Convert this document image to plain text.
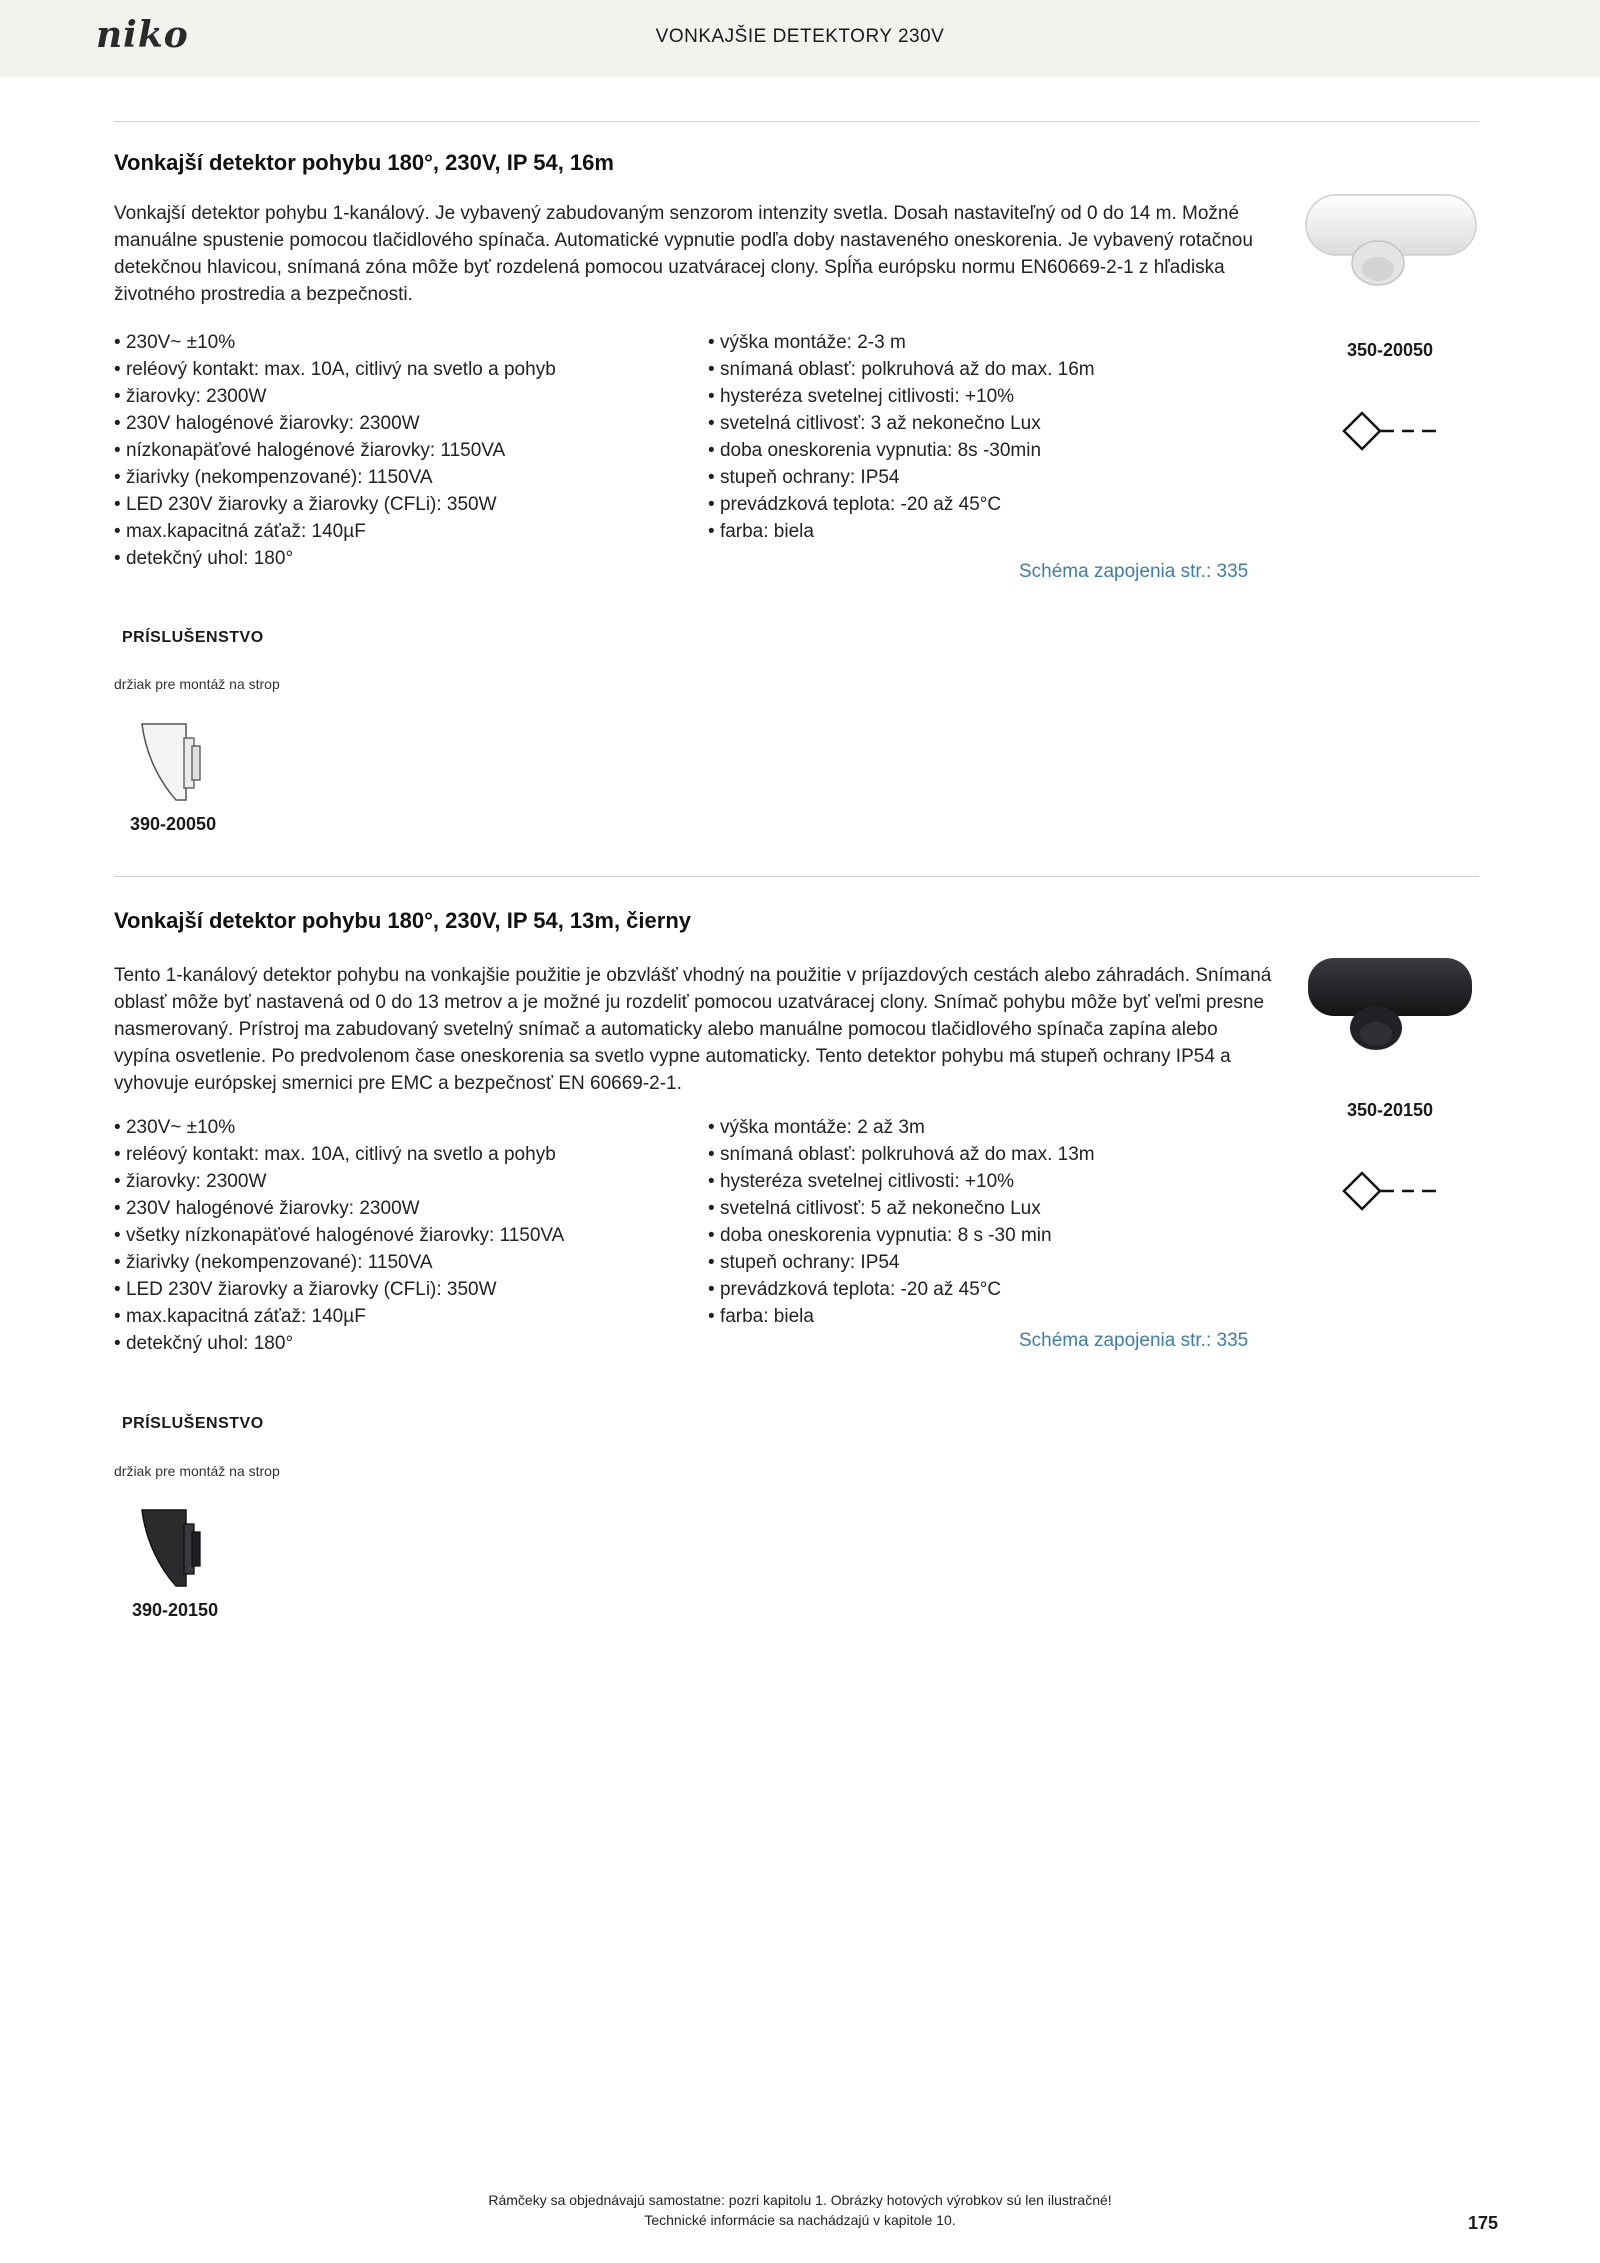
niko	VONKAJŠIE DETEKTORY 230V
Vonkajší detektor pohybu 180°, 230V, IP 54, 16m

Vonkajší detektor pohybu 1-kanálový. Je vybavený zabudovaným senzorom intenzity svetla. Dosah nastaviteľný od 0 do 14 m. Možné manuálne spustenie pomocou tlačidlového spínača. Automatické vypnutie podľa doby nastaveného oneskorenia. Je vybavený rotačnou detekčnou hlavicou, snímaná zóna môže byť rozdelená pomocou uzatváracej clony. Spĺňa európsku normu EN60669-2-1 z hľadiska životného prostredia a bezpečnosti.

• 230V~ ±10%
• reléový kontakt: max. 10A, citlivý na svetlo a pohyb
• žiarovky: 2300W
• 230V halogénové žiarovky: 2300W
• nízkonapäťové halogénové žiarovky: 1150VA
• žiarivky (nekompenzované): 1150VA
• LED 230V žiarovky a žiarovky (CFLi): 350W
• max.kapacitná záťaž: 140µF
• detekčný uhol: 180°
• výška montáže: 2-3 m
• snímaná oblasť: polkruhová až do max. 16m
• hysteréza svetelnej citlivosti: +10%
• svetelná citlivosť: 3 až nekonečno Lux
• doba oneskorenia vypnutia: 8s -30min
• stupeň ochrany: IP54
• prevádzková teplota: -20 až 45°C
• farba: biela
Schéma zapojenia str.: 335
350-20050
PRÍSLUŠENSTVO
držiak pre montáž na strop
390-20050
Vonkajší detektor pohybu 180°, 230V, IP 54, 13m, čierny

Tento 1-kanálový detektor pohybu na vonkajšie použitie je obzvlášť vhodný na použitie v príjazdových cestách alebo záhradách. Snímaná oblasť môže byť nastavená od 0 do 13 metrov a je možné ju rozdeliť pomocou uzatváracej clony. Snímač pohybu môže byť veľmi presne nasmerovaný. Prístroj ma zabudovaný svetelný snímač a automaticky alebo manuálne pomocou tlačidlového spínača zapína alebo vypína osvetlenie. Po predvolenom čase oneskorenia sa svetlo vypne automaticky. Tento detektor pohybu má stupeň ochrany IP54 a vyhovuje európskej smernici pre EMC a bezpečnosť EN 60669-2-1.

• 230V~ ±10%
• reléový kontakt: max. 10A, citlivý na svetlo a pohyb
• žiarovky: 2300W
• 230V halogénové žiarovky: 2300W
• všetky nízkonapäťové halogénové žiarovky: 1150VA
• žiarivky (nekompenzované): 1150VA
• LED 230V žiarovky a žiarovky (CFLi): 350W
• max.kapacitná záťaž: 140µF
• detekčný uhol: 180°
• výška montáže: 2 až 3m
• snímaná oblasť: polkruhová až do max. 13m
• hysteréza svetelnej citlivosti: +10%
• svetelná citlivosť: 5 až nekonečno Lux
• doba oneskorenia vypnutia: 8 s -30 min
• stupeň ochrany: IP54
• prevádzková teplota: -20 až 45°C
• farba: biela
Schéma zapojenia str.: 335
350-20150
PRÍSLUŠENSTVO
držiak pre montáž na strop
390-20150
Rámčeky sa objednávajú samostatne: pozri kapitolu 1. Obrázky hotových výrobkov sú len ilustračné!
Technické informácie sa nachádzajú v kapitole 10.	175
